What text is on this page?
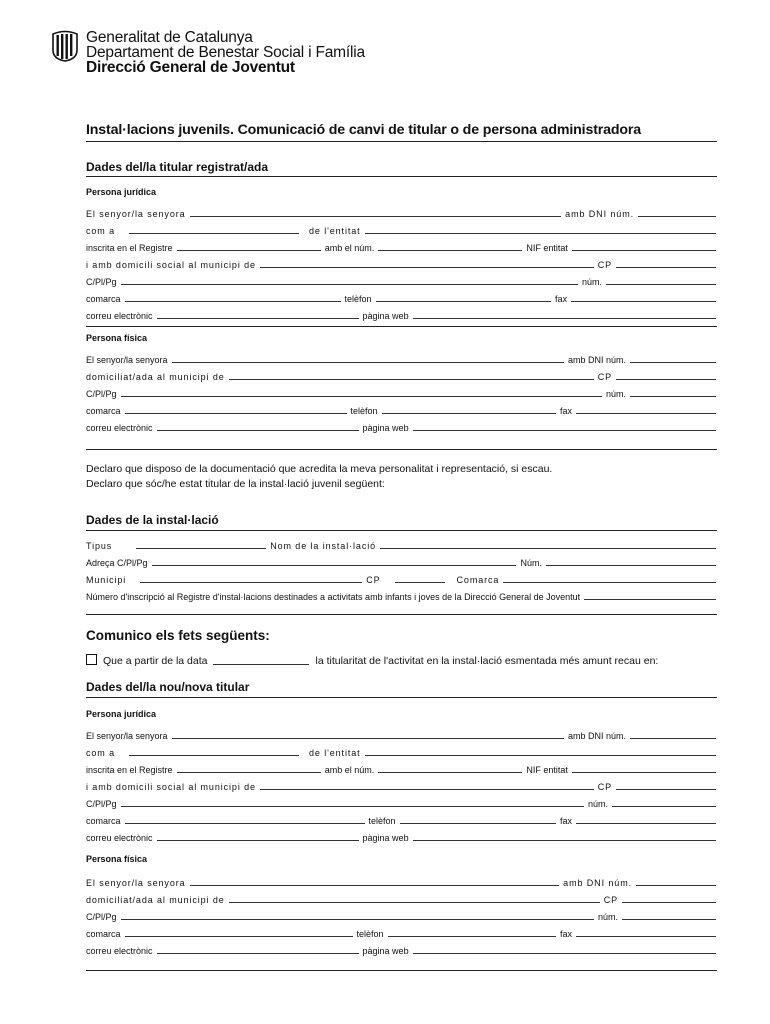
Generalitat de Catalunya
Departament de Benestar Social i Família
Direcció General de Joventut
Instal·lacions juvenils. Comunicació de canvi de titular o de persona administradora
Dades del/la titular registrat/ada
Persona jurídica
El senyor/la senyora	amb DNI núm.
com a	de l'entitat
inscrita en el Registre	amb el núm.	NIF entitat
i amb domicili social al municipi de	CP
C/Pl/Pg	núm.
comarca	telèfon	fax
correu electrònic	pàgina web
Persona física
El senyor/la senyora	amb DNI núm.
domiciliat/ada al municipi de	CP
C/Pl/Pg	núm.
comarca	telèfon	fax
correu electrònic	pàgina web
Declaro que disposo de la documentació que acredita la meva personalitat i representació, si escau.
Declaro que sóc/he estat titular de la instal·lació juvenil següent:
Dades de la instal·lació
Tipus	Nom de la instal·lació
Adreça C/Pl/Pg	Núm.
Municipi	CP	Comarca
Número d'inscripció al Registre d'instal·lacions destinades a activitats amb infants i joves de la Direcció General de Joventut
Comunico els fets següents:
Que a partir de la data	la titularitat de l'activitat en la instal·lació esmentada més amunt recau en:
Dades del/la nou/nova titular
Persona jurídica
El senyor/la senyora	amb DNI núm.
com a	de l'entitat
inscrita en el Registre	amb el núm.	NIF entitat
i amb domicili social al municipi de	CP
C/Pl/Pg	núm.
comarca	telèfon	fax
correu electrònic	pàgina web
Persona física
El senyor/la senyora	amb DNI núm.
domiciliat/ada al municipi de	CP
C/Pl/Pg	núm.
comarca	telèfon	fax
correu electrònic	pàgina web
